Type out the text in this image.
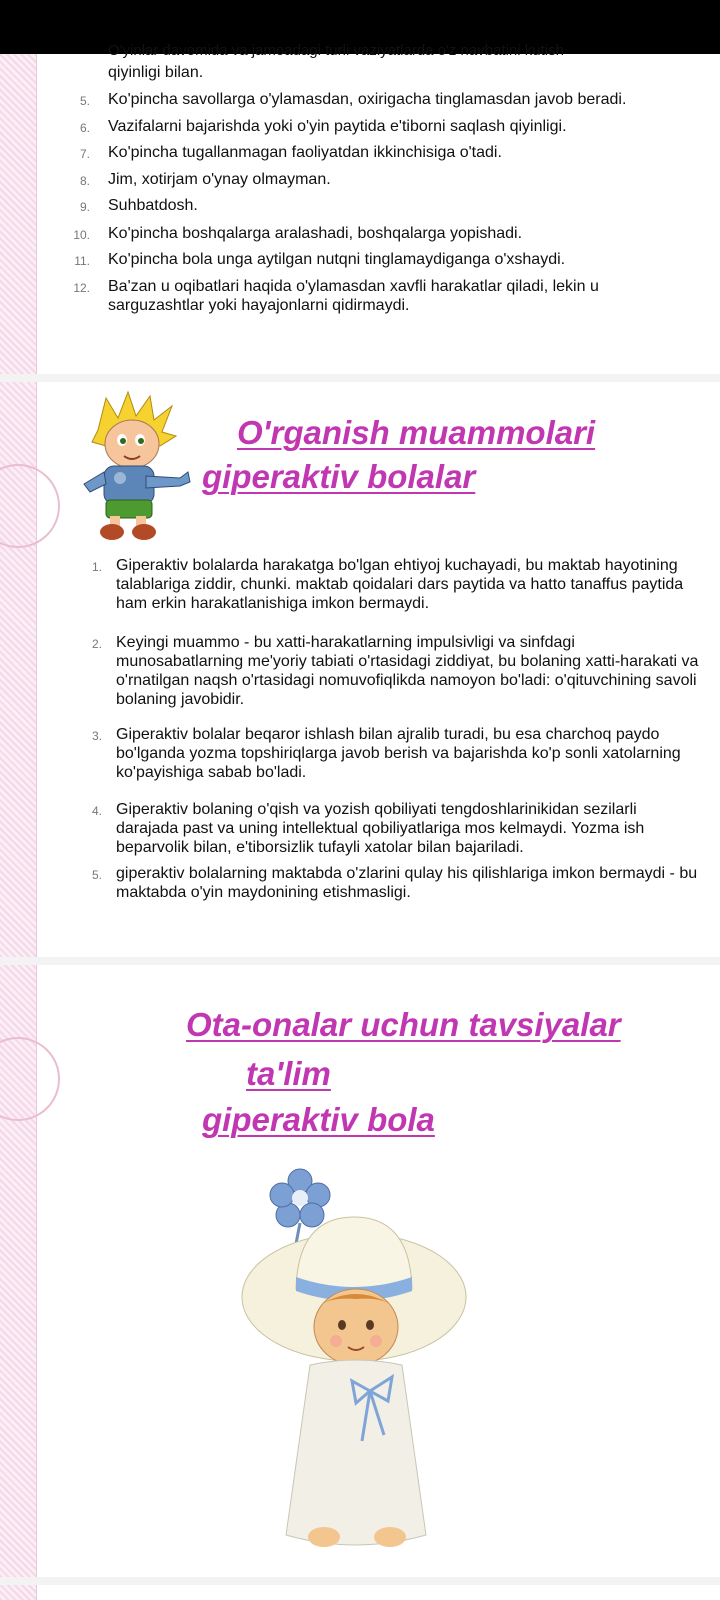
O'yinlar davomida va jamoadagi turli vaziyatlarda o'z navbatini kutish
qiyinligi bilan.
5. Ko'pincha savollarga o'ylamasdan, oxirigacha tinglamasdan javob beradi.
6. Vazifalarni bajarishda yoki o'yin paytida e'tiborni saqlash qiyinligi.
7. Ko'pincha tugallanmagan faoliyatdan ikkinchisiga o'tadi.
8. Jim, xotirjam o'ynay olmayman.
9. Suhbatdosh.
10. Ko'pincha boshqalarga aralashadi, boshqalarga yopishadi.
11. Ko'pincha bola unga aytilgan nutqni tinglamaydiganga o'xshaydi.
12. Ba'zan u oqibatlari haqida o'ylamasdan xavfli harakatlar qiladi, lekin u sarguzashtlar yoki hayajonlarni qidirmaydi.
O'rganish muammolari
giperaktiv bolalar
1. Giperaktiv bolalarda harakatga bo'lgan ehtiyoj kuchayadi, bu maktab hayotining talablariga ziddir, chunki. maktab qoidalari dars paytida va hatto tanaffus paytida ham erkin harakatlanishiga imkon bermaydi.
2. Keyingi muammo - bu xatti-harakatlarning impulsivligi va sinfdagi munosabatlarning me'yoriy tabiati o'rtasidagi ziddiyat, bu bolaning xatti-harakati va o'rnatilgan naqsh o'rtasidagi nomuvofiqlikda namoyon bo'ladi: o'qituvchining savoli bolaning javobidir.
3. Giperaktiv bolalar beqaror ishlash bilan ajralib turadi, bu esa charchoq paydo bo'lganda yozma topshiriqlarga javob berish va bajarishda ko'p sonli xatolarning ko'payishiga sabab bo'ladi.
4. Giperaktiv bolaning o'qish va yozish qobiliyati tengdoshlarinikidan sezilarli darajada past va uning intellektual qobiliyatlariga mos kelmaydi. Yozma ish beparvolik bilan, e'tiborsizlik tufayli xatolar bilan bajariladi.
5. giperaktiv bolalarning maktabda o'zlarini qulay his qilishlariga imkon bermaydi - bu maktabda o'yin maydonining etishmasligi.
Ota-onalar uchun tavsiyalar
ta'lim
giperaktiv bola
